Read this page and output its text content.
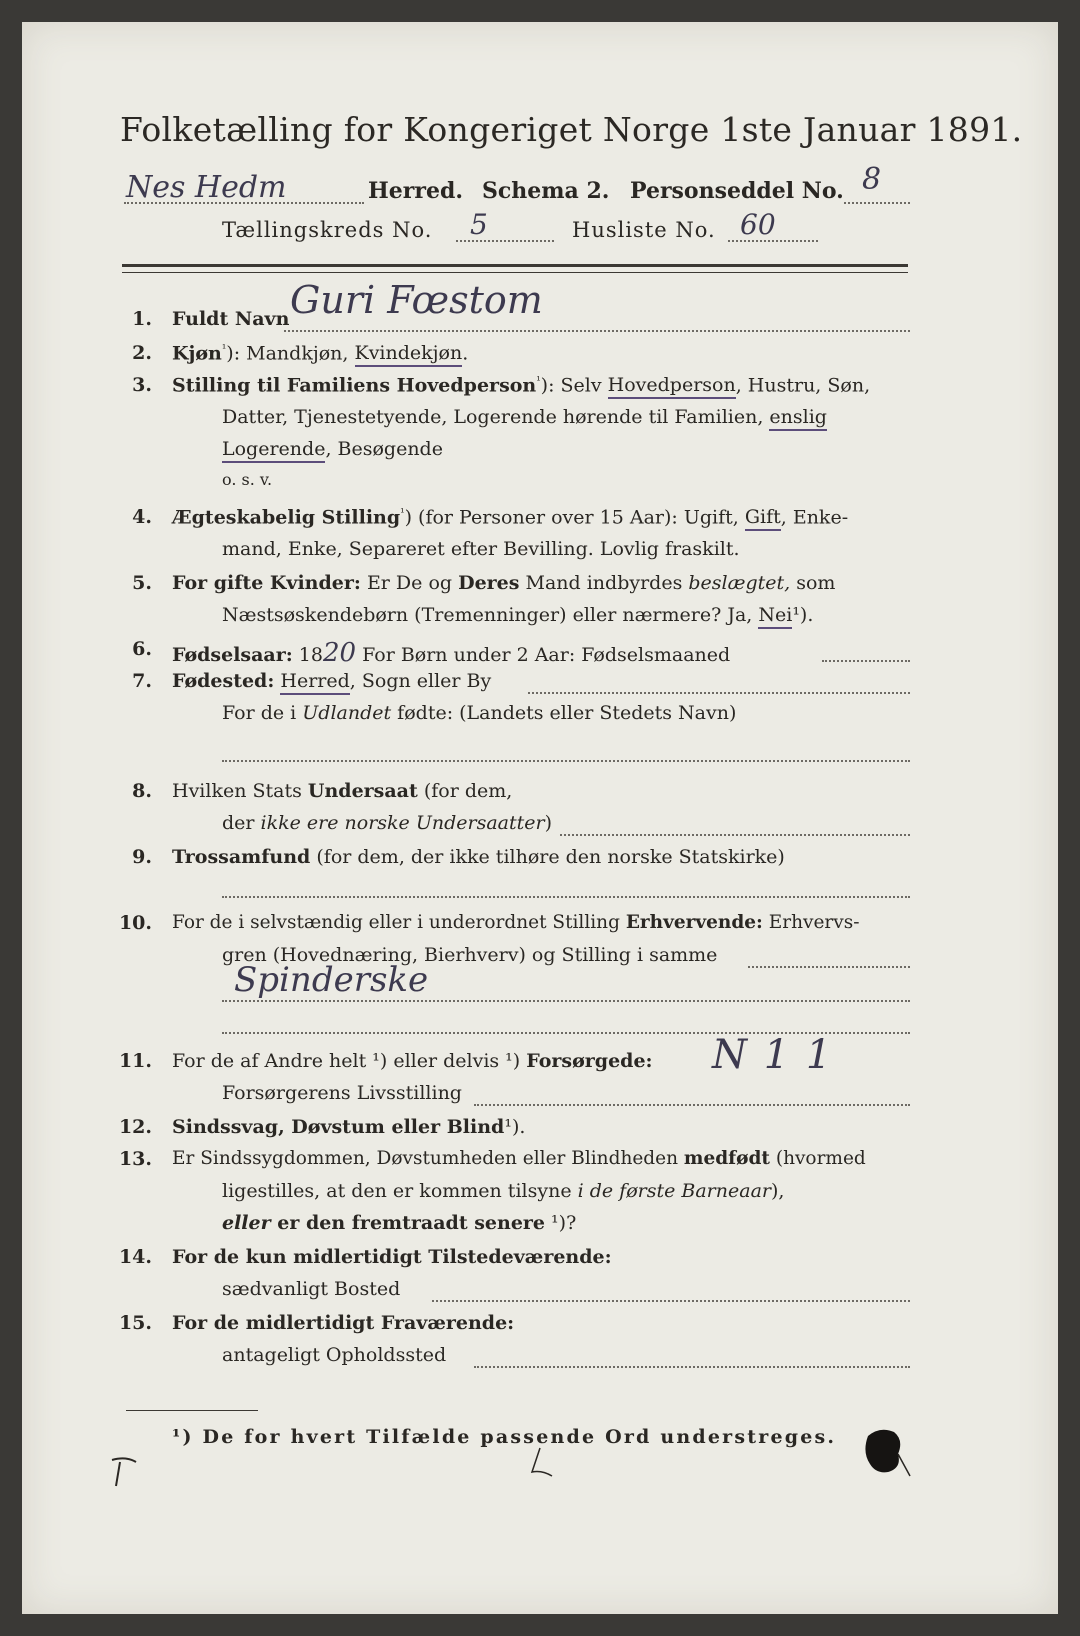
Folketælling for Kongeriget Norge 1ste Januar 1891.
Nes Hedm	Herred. Schema 2. Personseddel No. 8
Tællingskreds No. 5	Husliste No. 60
1. Fuldt Navn Guri Fœstom
2. Kjøn$^{^1}$): Mandkjøn, Kvindekjøn.
3. Stilling til Familiens Hovedperson$^{^1}$): Selv Hovedperson, Hustru, Søn,
Datter, Tjenestetyende, Logerende hørende til Familien, enslig
Logerende, Besøgende
o. s. v.
4. Ægteskabelig Stilling$^{^1}$) (for Personer over 15 Aar): Ugift, Gift, Enke-
mand, Enke, Separeret efter Bevilling. Lovlig fraskilt.
5. For gifte Kvinder: Er De og Deres Mand indbyrdes beslægtet, som
Næstsøskendebørn (Tremenninger) eller nærmere? Ja, Nei¹).
6. Fødselsaar: 1820 For Børn under 2 Aar: Fødselsmaaned
7. Fødested: Herred, Sogn eller By
For de i Udlandet fødte: (Landets eller Stedets Navn)
8. Hvilken Stats Undersaat (for dem,
der ikke ere norske Undersaatter)
9. Trossamfund (for dem, der ikke tilhøre den norske Statskirke)
10. For de i selvstændig eller i underordnet Stilling Erhvervende: Erhvervs-
gren (Hovednæring, Bierhverv) og Stilling i samme
Spinderske
11. For de af Andre helt ¹) eller delvis ¹) Forsørgede: N 1 1
Forsørgerens Livsstilling
12. Sindssvag, Døvstum eller Blind¹).
13. Er Sindssygdommen, Døvstumheden eller Blindheden medfødt (hvormed
ligestilles, at den er kommen tilsyne i de første Barneaar),
eller er den fremtraadt senere ¹)?
14. For de kun midlertidigt Tilstedeværende:
sædvanligt Bosted
15. For de midlertidigt Fraværende:
antageligt Opholdssted
¹) De for hvert Tilfælde passende Ord understreges.
